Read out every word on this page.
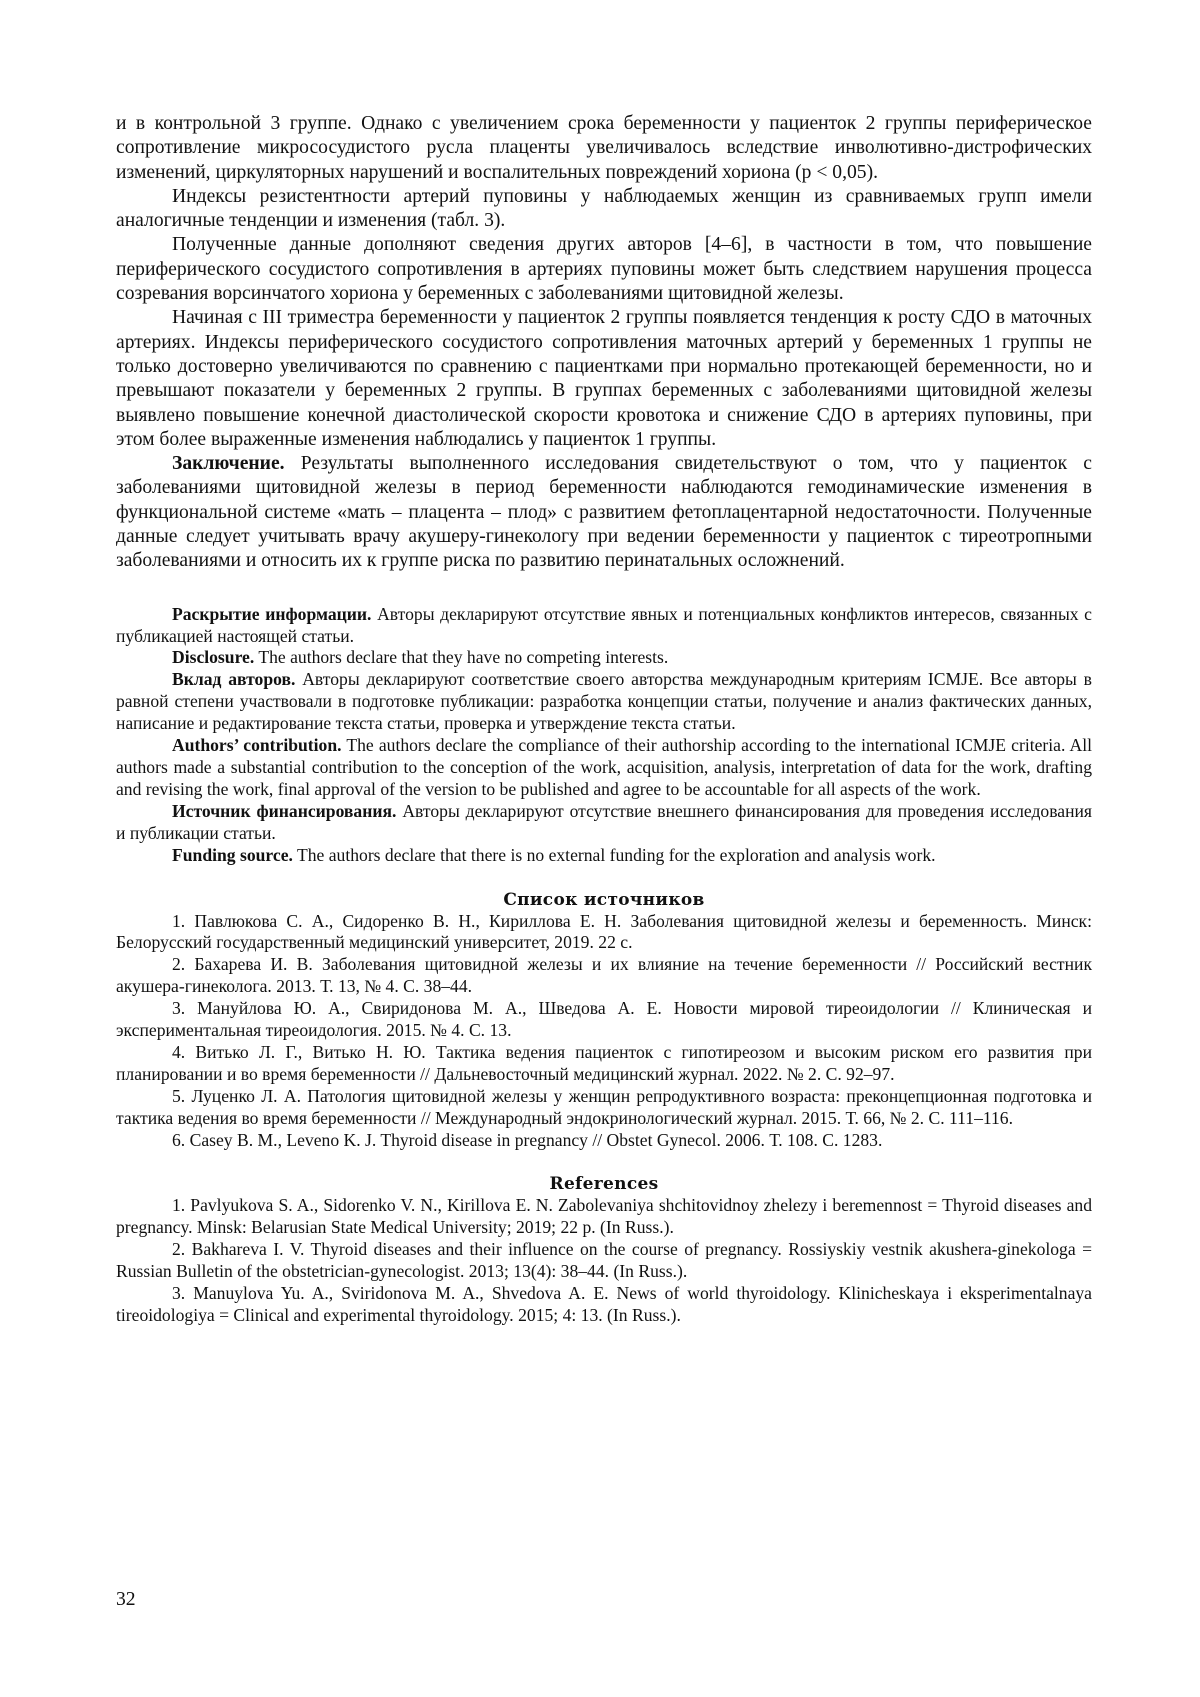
и в контрольной 3 группе. Однако с увеличением срока беременности у пациенток 2 группы периферическое сопротивление микрососудистого русла плаценты увеличивалось вследствие инволютивно-дистрофических изменений, циркуляторных нарушений и воспалительных повреждений хориона (p < 0,05).

Индексы резистентности артерий пуповины у наблюдаемых женщин из сравниваемых групп имели аналогичные тенденции и изменения (табл. 3).

Полученные данные дополняют сведения других авторов [4–6], в частности в том, что повышение периферического сосудистого сопротивления в артериях пуповины может быть следствием нарушения процесса созревания ворсинчатого хориона у беременных с заболеваниями щитовидной железы.

Начиная с III триместра беременности у пациенток 2 группы появляется тенденция к росту СДО в маточных артериях. Индексы периферического сосудистого сопротивления маточных артерий у беременных 1 группы не только достоверно увеличиваются по сравнению с пациентками при нормально протекающей беременности, но и превышают показатели у беременных 2 группы. В группах беременных с заболеваниями щитовидной железы выявлено повышение конечной диастолической скорости кровотока и снижение СДО в артериях пуповины, при этом более выраженные изменения наблюдались у пациенток 1 группы.

Заключение. Результаты выполненного исследования свидетельствуют о том, что у пациенток с заболеваниями щитовидной железы в период беременности наблюдаются гемодинамические изменения в функциональной системе «мать – плацента – плод» с развитием фетоплацентарной недостаточности. Полученные данные следует учитывать врачу акушеру-гинекологу при ведении беременности у пациенток с тиреотропными заболеваниями и относить их к группе риска по развитию перинатальных осложнений.

Раскрытие информации. Авторы декларируют отсутствие явных и потенциальных конфликтов интересов, связанных с публикацией настоящей статьи.

Disclosure. The authors declare that they have no competing interests.

Вклад авторов. Авторы декларируют соответствие своего авторства международным критериям ICMJE. Все авторы в равной степени участвовали в подготовке публикации: разработка концепции статьи, получение и анализ фактических данных, написание и редактирование текста статьи, проверка и утверждение текста статьи.

Authors’ contribution. The authors declare the compliance of their authorship according to the international ICMJE criteria. All authors made a substantial contribution to the conception of the work, acquisition, analysis, interpretation of data for the work, drafting and revising the work, final approval of the version to be published and agree to be accountable for all aspects of the work.

Источник финансирования. Авторы декларируют отсутствие внешнего финансирования для проведения исследования и публикации статьи.

Funding source. The authors declare that there is no external funding for the exploration and analysis work.

Список источников

1. Павлюкова С. А., Сидоренко В. Н., Кириллова Е. Н. Заболевания щитовидной железы и беременность. Минск: Белорусский государственный медицинский университет, 2019. 22 с.

2. Бахарева И. В. Заболевания щитовидной железы и их влияние на течение беременности // Российский вестник акушера-гинеколога. 2013. Т. 13, № 4. С. 38–44.

3. Мануйлова Ю. А., Свиридонова М. А., Шведова А. Е. Новости мировой тиреоидологии // Клиническая и экспериментальная тиреоидология. 2015. № 4. С. 13.

4. Витько Л. Г., Витько Н. Ю. Тактика ведения пациенток с гипотиреозом и высоким риском его развития при планировании и во время беременности // Дальневосточный медицинский журнал. 2022. № 2. С. 92–97.

5. Луценко Л. А. Патология щитовидной железы у женщин репродуктивного возраста: преконцепционная подготовка и тактика ведения во время беременности // Международный эндокринологический журнал. 2015. Т. 66, № 2. С. 111–116.

6. Casey B. M., Leveno K. J. Thyroid disease in pregnancy // Obstet Gynecol. 2006. Т. 108. С. 1283.

References

1. Pavlyukova S. A., Sidorenko V. N., Kirillova E. N. Zabolevaniya shchitovidnoy zhelezy i beremennost = Thyroid diseases and pregnancy. Minsk: Belarusian State Medical University; 2019; 22 p. (In Russ.).

2. Bakhareva I. V. Thyroid diseases and their influence on the course of pregnancy. Rossiyskiy vestnik akushera-ginekologa = Russian Bulletin of the obstetrician-gynecologist. 2013; 13(4): 38–44. (In Russ.).

3. Manuylova Yu. A., Sviridonova M. A., Shvedova A. E. News of world thyroidology. Klinicheskaya i eksperimentalnaya tireoidologiya = Clinical and experimental thyroidology. 2015; 4: 13. (In Russ.).

32
